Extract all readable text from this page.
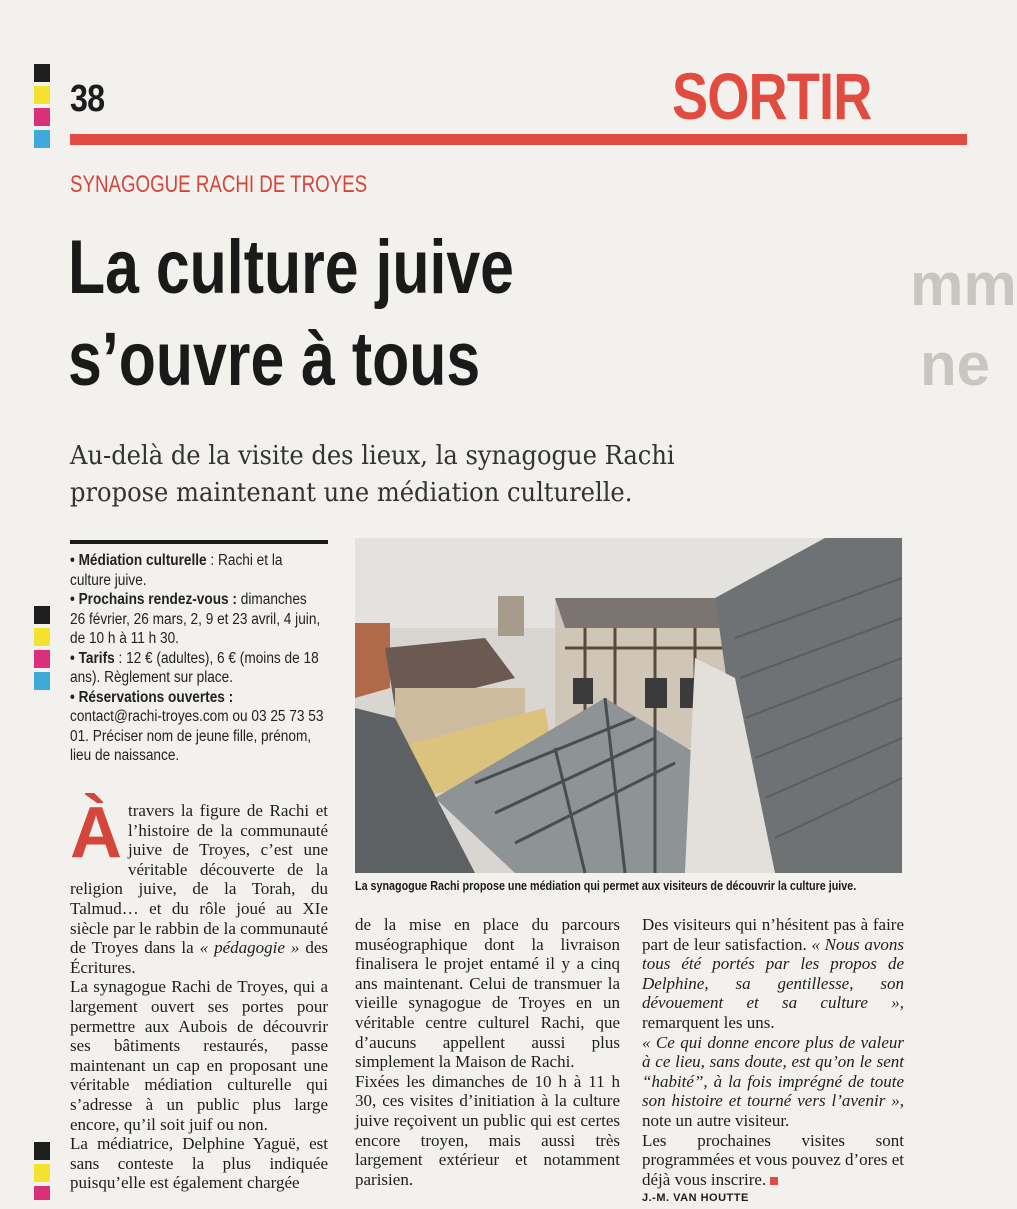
mm
ne
38	SORTIR
SYNAGOGUE RACHI DE TROYES
La culture juive
s’ouvre à tous
Au-delà de la visite des lieux, la synagogue Rachi
propose maintenant une médiation culturelle.

• Médiation culturelle : Rachi et la culture juive.

• Prochains rendez-vous : dimanches 26 février, 26 mars, 2, 9 et 23 avril, 4 juin, de 10 h à 11 h 30.

• Tarifs : 12 € (adultes), 6 € (moins de 18 ans). Règlement sur place.

• Réservations ouvertes :

contact@rachi-troyes.com ou 03 25 73 53 01. Préciser nom de jeune fille, prénom, lieu de naissance.

La synagogue Rachi propose une médiation qui permet aux visiteurs de découvrir la culture juive.

Àtravers la figure de Rachi et l’histoire de la communauté juive de Troyes, c’est une véritable découverte de la religion juive, de la Torah, du Talmud… et du rôle joué au XIe siècle par le rabbin de la communauté de Troyes dans la « pédagogie » des Écritures.

La synagogue Rachi de Troyes, qui a largement ouvert ses portes pour permettre aux Aubois de découvrir ses bâtiments restaurés, passe maintenant un cap en proposant une véritable médiation culturelle qui s’adresse à un public plus large encore, qu’il soit juif ou non.

La médiatrice, Delphine Yaguë, est sans conteste la plus indiquée puisqu’elle est également chargée

de la mise en place du parcours muséographique dont la livraison finalisera le projet entamé il y a cinq ans maintenant. Celui de transmuer la vieille synagogue de Troyes en un véritable centre culturel Rachi, que d’aucuns appellent aussi plus simplement la Maison de Rachi.

Fixées les dimanches de 10 h à 11 h 30, ces visites d’initiation à la culture juive reçoivent un public qui est certes encore troyen, mais aussi très largement extérieur et notamment parisien.

Des visiteurs qui n’hésitent pas à faire part de leur satisfaction. « Nous avons tous été portés par les propos de Delphine, sa gentillesse, son dévouement et sa culture », remarquent les uns.

« Ce qui donne encore plus de valeur à ce lieu, sans doute, est qu’on le sent “habité”, à la fois imprégné de toute son histoire et tourné vers l’avenir », note un autre visiteur.

Les prochaines visites sont programmées et vous pouvez d’ores et déjà vous inscrire.

J.-M. VAN HOUTTE
